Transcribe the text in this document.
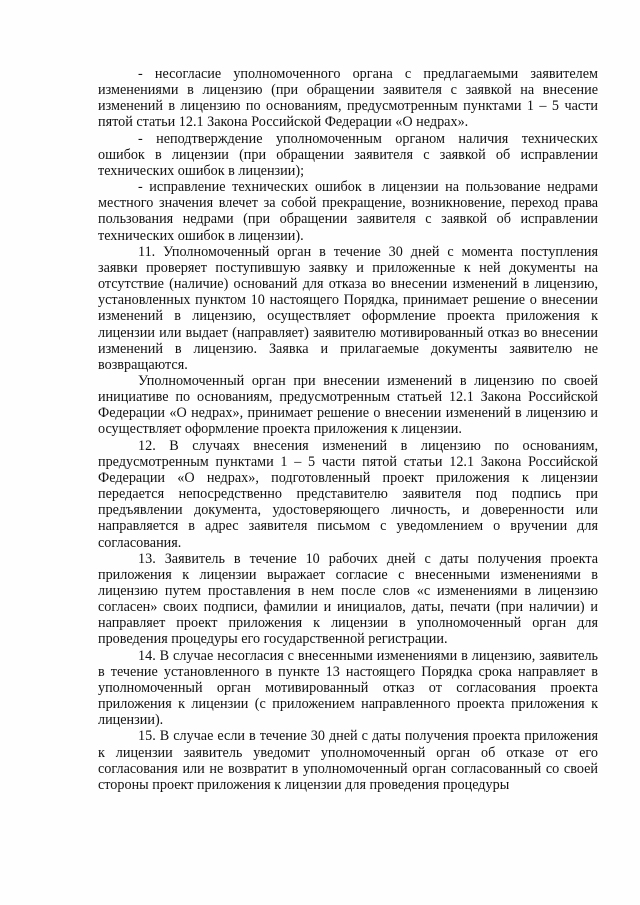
- несогласие уполномоченного органа с предлагаемыми заявителем изменениями в лицензию (при обращении заявителя с заявкой на внесение изменений в лицензию по основаниям, предусмотренным пунктами 1 – 5 части пятой статьи 12.1 Закона Российской Федерации «О недрах».

- неподтверждение уполномоченным органом наличия технических ошибок в лицензии (при обращении заявителя с заявкой об исправлении технических ошибок в лицензии);

- исправление технических ошибок в лицензии на пользование недрами местного значения влечет за собой прекращение, возникновение, переход права пользования недрами (при обращении заявителя с заявкой об исправлении технических ошибок в лицензии).

11. Уполномоченный орган в течение 30 дней с момента поступления заявки проверяет поступившую заявку и приложенные к ней документы на отсутствие (наличие) оснований для отказа во внесении изменений в лицензию, установленных пунктом 10 настоящего Порядка, принимает решение о внесении изменений в лицензию, осуществляет оформление проекта приложения к лицензии или выдает (направляет) заявителю мотивированный отказ во внесении изменений в лицензию. Заявка и прилагаемые документы заявителю не возвращаются.

Уполномоченный орган при внесении изменений в лицензию по своей инициативе по основаниям, предусмотренным статьей 12.1 Закона Российской Федерации «О недрах», принимает решение о внесении изменений в лицензию и осуществляет оформление проекта приложения к лицензии.

12. В случаях внесения изменений в лицензию по основаниям, предусмотренным пунктами 1 – 5 части пятой статьи 12.1 Закона Российской Федерации «О недрах», подготовленный проект приложения к лицензии передается непосредственно представителю заявителя под подпись при предъявлении документа, удостоверяющего личность, и доверенности или направляется в адрес заявителя письмом с уведомлением о вручении для согласования.

13. Заявитель в течение 10 рабочих дней с даты получения проекта приложения к лицензии выражает согласие с внесенными изменениями в лицензию путем проставления в нем после слов «с изменениями в лицензию согласен» своих подписи, фамилии и инициалов, даты, печати (при наличии) и направляет проект приложения к лицензии в уполномоченный орган для проведения процедуры его государственной регистрации.

14. В случае несогласия с внесенными изменениями в лицензию, заявитель в течение установленного в пункте 13 настоящего Порядка срока направляет в уполномоченный орган мотивированный отказ от согласования проекта приложения к лицензии (с приложением направленного проекта приложения к лицензии).

15. В случае если в течение 30 дней с даты получения проекта приложения к лицензии заявитель уведомит уполномоченный орган об отказе от его согласования или не возвратит в уполномоченный орган согласованный со своей стороны проект приложения к лицензии для проведения процедуры
